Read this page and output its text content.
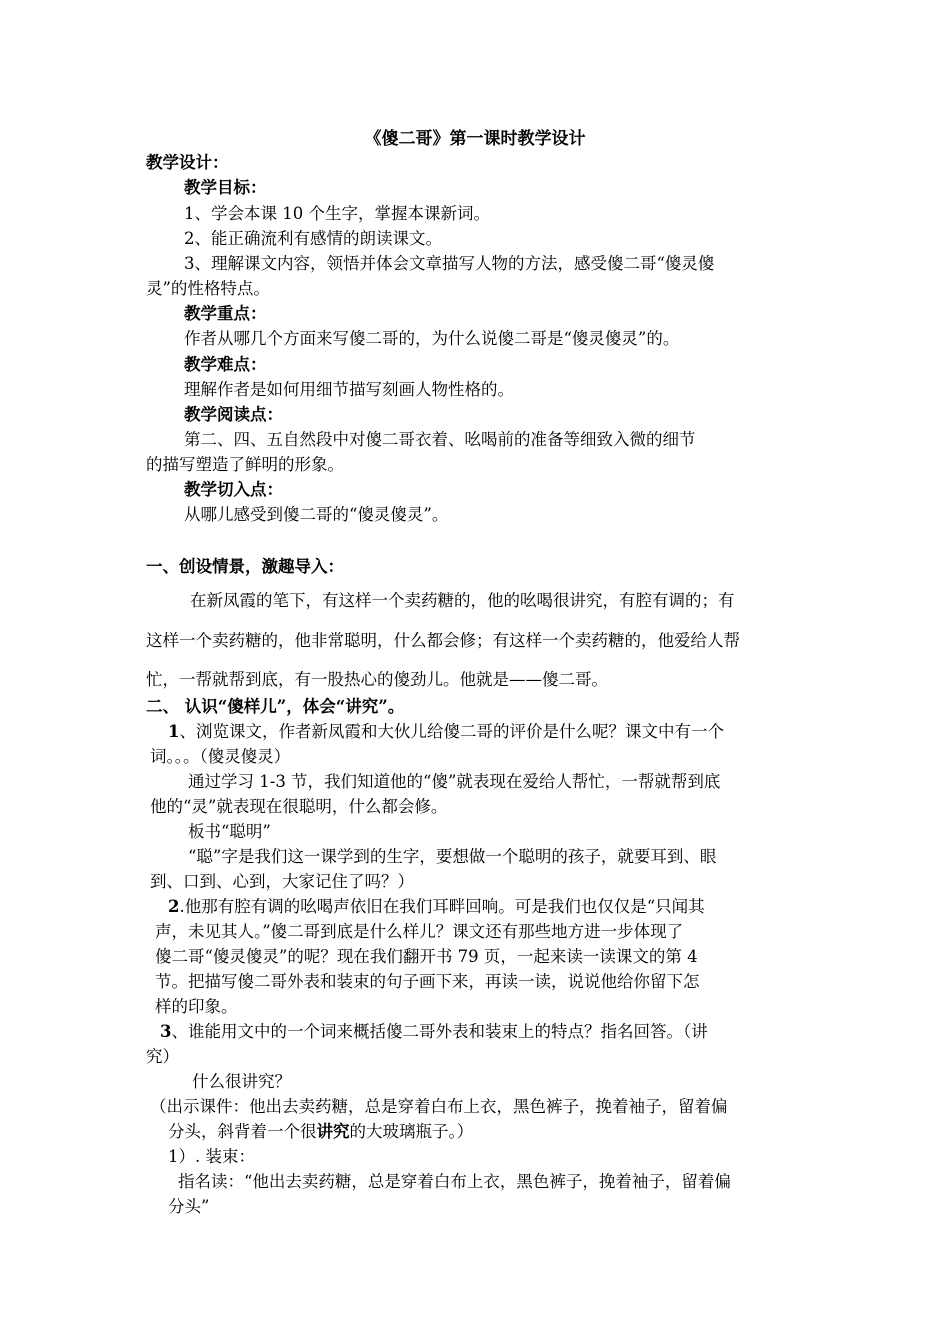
《傻二哥》第一课时教学设计
教学设计：
教学目标：
1、学会本课 10 个生字，掌握本课新词。
2、能正确流利有感情的朗读课文。
3、理解课文内容，领悟并体会文章描写人物的方法，感受傻二哥“傻灵傻
灵”的性格特点。
教学重点：
作者从哪几个方面来写傻二哥的，为什么说傻二哥是“傻灵傻灵”的。
教学难点：
理解作者是如何用细节描写刻画人物性格的。
教学阅读点：
第二、四、五自然段中对傻二哥衣着、吆喝前的准备等细致入微的细节
的描写塑造了鲜明的形象。
教学切入点：
从哪儿感受到傻二哥的“傻灵傻灵”。
一、创设情景，激趣导入：
在新凤霞的笔下，有这样一个卖药糖的，他的吆喝很讲究，有腔有调的；有
这样一个卖药糖的，他非常聪明，什么都会修；有这样一个卖药糖的，他爱给人帮
忙，一帮就帮到底，有一股热心的傻劲儿。他就是——傻二哥。
二、 认识“傻样儿”，体会“讲究”。
1、浏览课文，作者新凤霞和大伙儿给傻二哥的评价是什么呢？课文中有一个
词。。。（傻灵傻灵）
通过学习 1-3 节，我们知道他的“傻”就表现在爱给人帮忙，一帮就帮到底
他的“灵”就表现在很聪明，什么都会修。
板书“聪明”
“聪”字是我们这一课学到的生字，要想做一个聪明的孩子，就要耳到、眼
到、口到、心到，大家记住了吗？）
2.他那有腔有调的吆喝声依旧在我们耳畔回响。可是我们也仅仅是“只闻其
声，未见其人。”傻二哥到底是什么样儿？课文还有那些地方进一步体现了
傻二哥“傻灵傻灵”的呢？现在我们翻开书 79 页，一起来读一读课文的第 4
节。把描写傻二哥外表和装束的句子画下来，再读一读，说说他给你留下怎
样的印象。
3、谁能用文中的一个词来概括傻二哥外表和装束上的特点？指名回答。（讲
究）
什么很讲究？
（出示课件：他出去卖药糖，总是穿着白布上衣，黑色裤子，挽着袖子，留着偏
分头，斜背着一个很讲究的大玻璃瓶子。）
1）. 装束：
指名读：“他出去卖药糖，总是穿着白布上衣，黑色裤子，挽着袖子，留着偏
分头”
